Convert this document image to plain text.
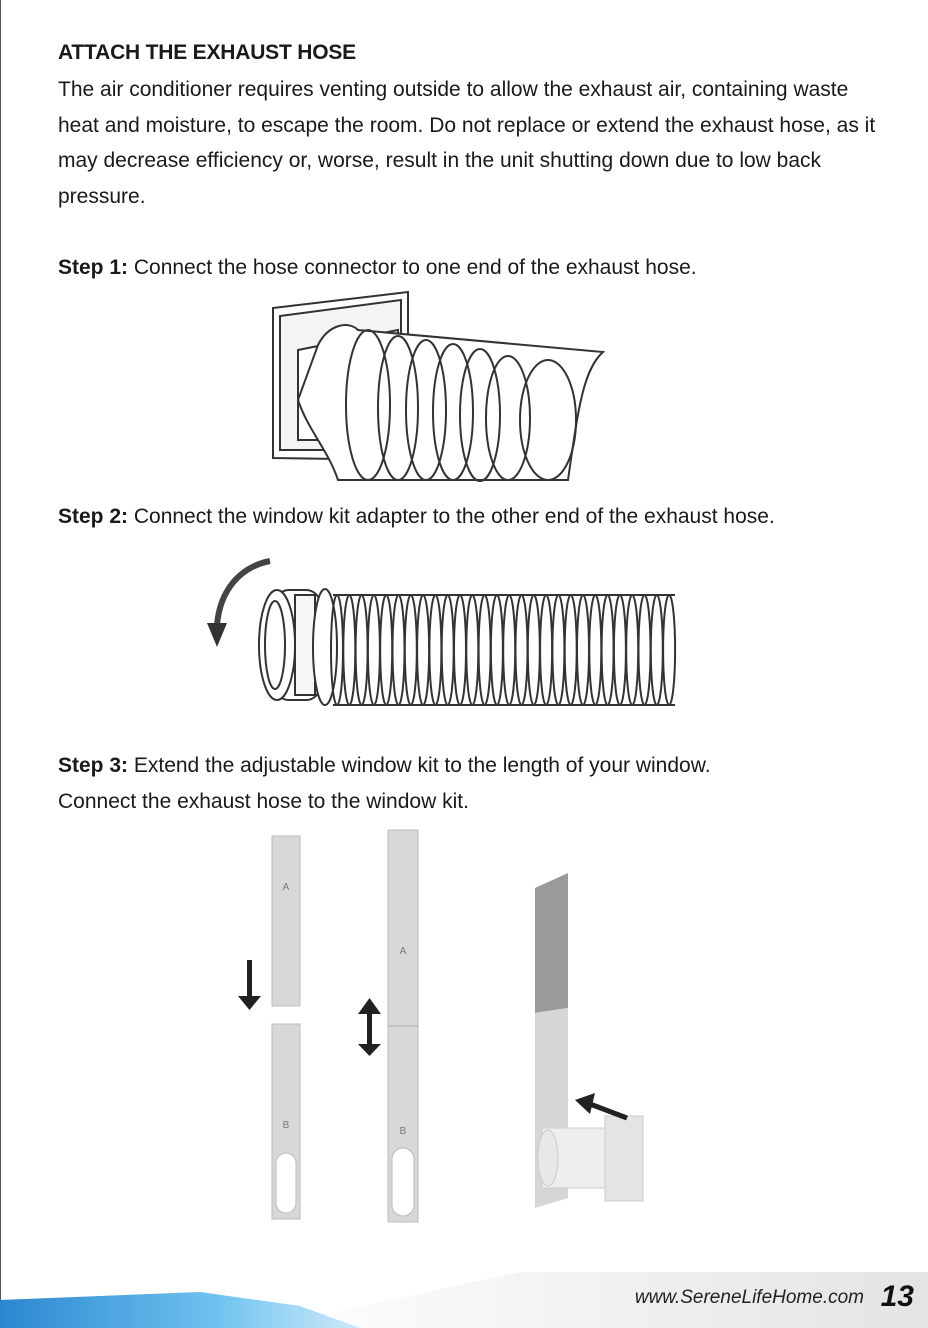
ATTACH THE EXHAUST HOSE

The air conditioner requires venting outside to allow the exhaust air, containing waste heat and moisture, to escape the room. Do not replace or extend the exhaust hose, as it may decrease efficiency or, worse, result in the unit shutting down due to low back pressure.

Step 1: Connect the hose connector to one end of the exhaust hose.
Step 2: Connect the window kit adapter to the other end of the exhaust hose.
Step 3: Extend the adjustable window kit to the length of your window.
Connect the exhaust hose to the window kit.
A
B
A
B
www.SereneLifeHome.com 13
